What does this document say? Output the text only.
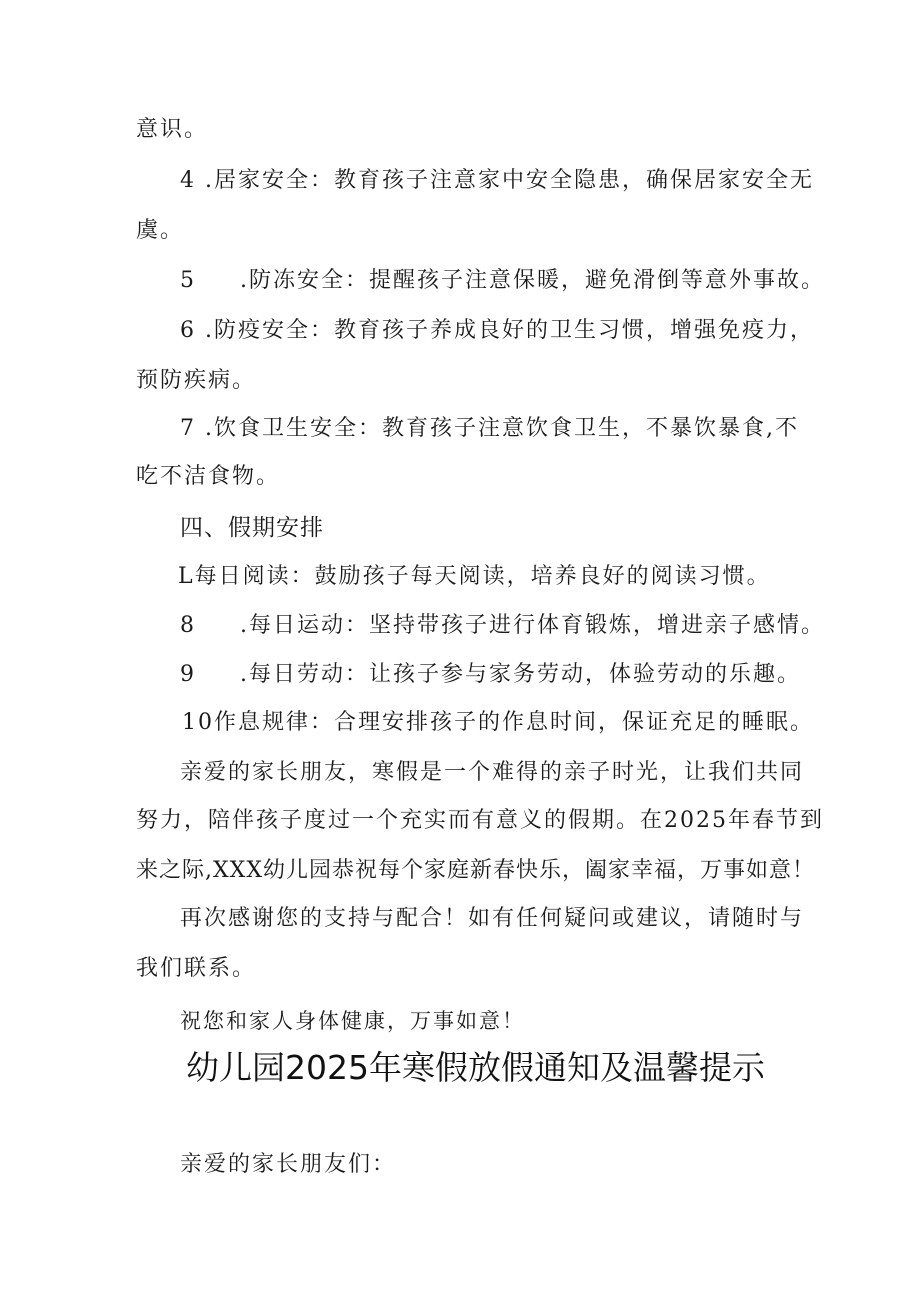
意识。
4 .居家安全：教育孩子注意家中安全隐患，确保居家安全无
虞。
5 .防冻安全：提醒孩子注意保暖，避免滑倒等意外事故。
6 .防疫安全：教育孩子养成良好的卫生习惯，增强免疫力，
预防疾病。
7 .饮食卫生安全：教育孩子注意饮食卫生，不暴饮暴食,不
吃不洁食物。
四、假期安排
L每日阅读：鼓励孩子每天阅读，培养良好的阅读习惯。
8 .每日运动：坚持带孩子进行体育锻炼，增进亲子感情。
9 .每日劳动：让孩子参与家务劳动，体验劳动的乐趣。
10作息规律：合理安排孩子的作息时间，保证充足的睡眠。
亲爱的家长朋友，寒假是一个难得的亲子时光，让我们共同
努力，陪伴孩子度过一个充实而有意义的假期。在2025年春节到
来之际,XXX幼儿园恭祝每个家庭新春快乐，阖家幸福，万事如意！
再次感谢您的支持与配合！如有任何疑问或建议，请随时与
我们联系。
祝您和家人身体健康，万事如意！
幼儿园2025年寒假放假通知及温馨提示
亲爱的家长朋友们：
